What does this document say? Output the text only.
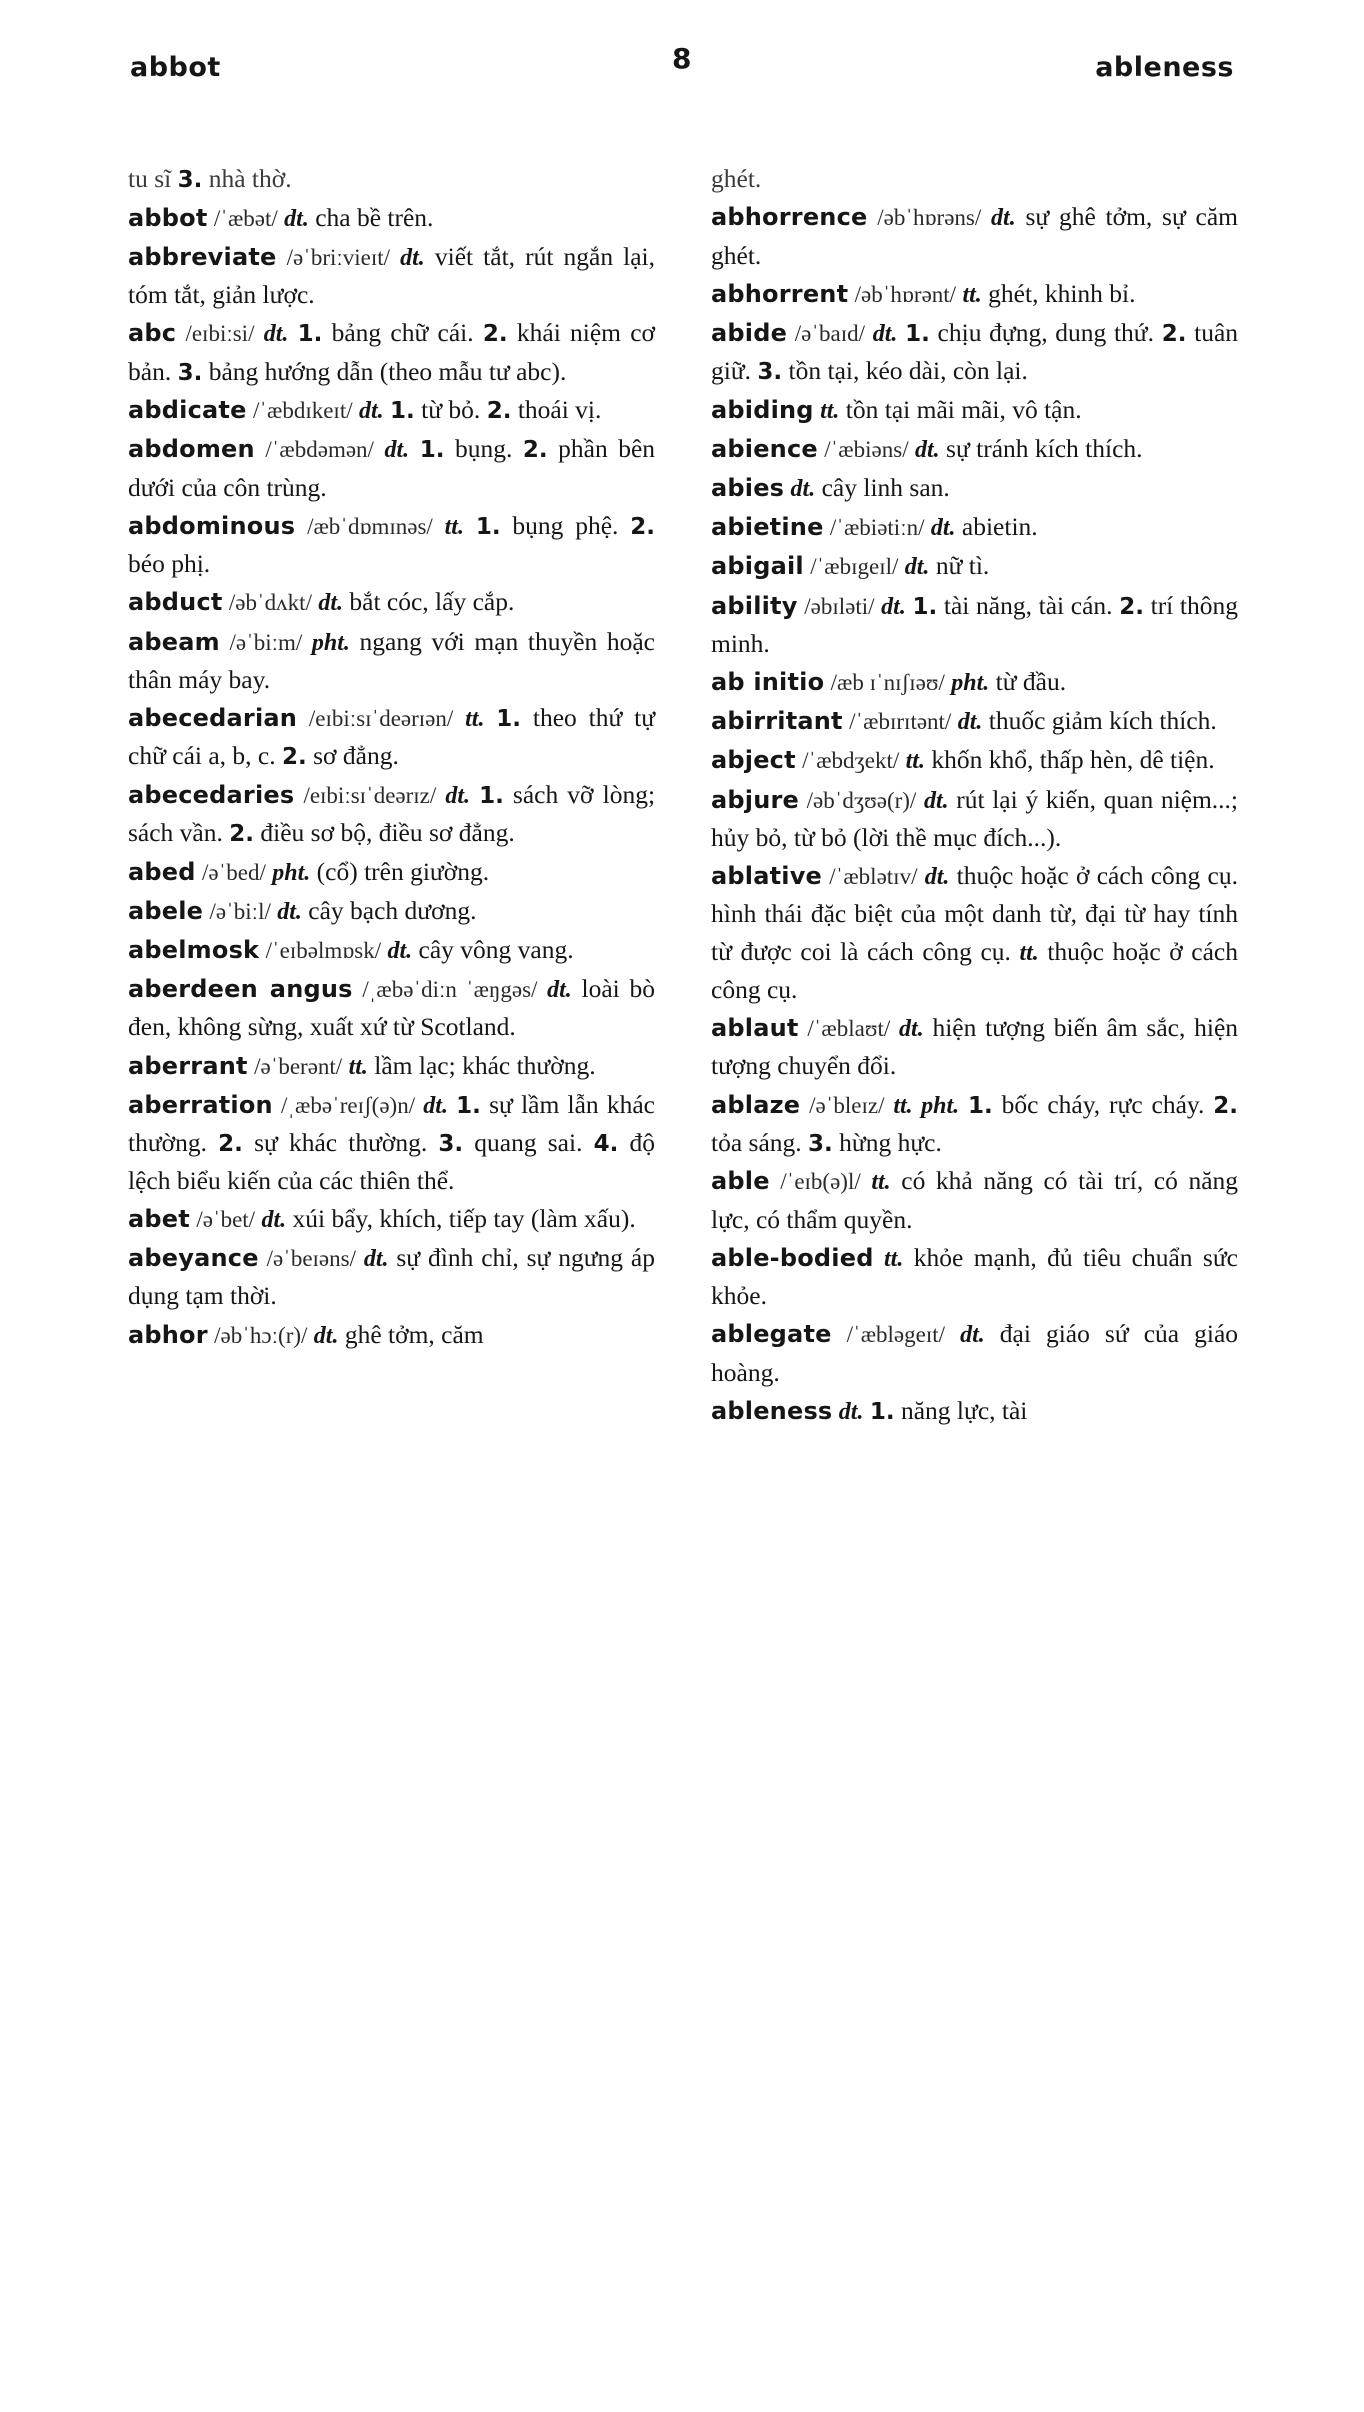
abbot	8	ableness

tu sĩ 3. nhà thờ.

abbot /ˈæbət/ dt. cha bề trên.

abbreviate /əˈbriːvieɪt/ dt. viết tắt, rút ngắn lại, tóm tắt, giản lược.

abc /eɪbiːsi/ dt. 1. bảng chữ cái. 2. khái niệm cơ bản. 3. bảng hướng dẫn (theo mẫu tư abc).

abdicate /ˈæbdɪkeɪt/ dt. 1. từ bỏ. 2. thoái vị.

abdomen /ˈæbdəmən/ dt. 1. bụng. 2. phần bên dưới của côn trùng.

abdominous /æbˈdɒmɪnəs/ tt. 1. bụng phệ. 2. béo phị.

abduct /əbˈdʌkt/ dt. bắt cóc, lấy cắp.

abeam /əˈbiːm/ pht. ngang với mạn thuyền hoặc thân máy bay.

abecedarian /eɪbiːsɪˈdeərɪən/ tt. 1. theo thứ tự chữ cái a, b, c. 2. sơ đẳng.

abecedaries /eɪbiːsɪˈdeərɪz/ dt. 1. sách vỡ lòng; sách vần. 2. điều sơ bộ, điều sơ đẳng.

abed /əˈbed/ pht. (cổ) trên giường.

abele /əˈbiːl/ dt. cây bạch dương.

abelmosk /ˈeɪbəlmɒsk/ dt. cây vông vang.

aberdeen angus /ˌæbəˈdiːn ˈæŋgəs/ dt. loài bò đen, không sừng, xuất xứ từ Scotland.

aberrant /əˈberənt/ tt. lầm lạc; khác thường.

aberration /ˌæbəˈreɪʃ(ə)n/ dt. 1. sự lầm lẫn khác thường. 2. sự khác thường. 3. quang sai. 4. độ lệch biểu kiến của các thiên thể.

abet /əˈbet/ dt. xúi bẩy, khích, tiếp tay (làm xấu).

abeyance /əˈbeɪəns/ dt. sự đình chỉ, sự ngưng áp dụng tạm thời.

abhor /əbˈhɔː(r)/ dt. ghê tởm, căm

ghét.

abhorrence /əbˈhɒrəns/ dt. sự ghê tởm, sự căm ghét.

abhorrent /əbˈhɒrənt/ tt. ghét, khinh bỉ.

abide /əˈbaɪd/ dt. 1. chịu đựng, dung thứ. 2. tuân giữ. 3. tồn tại, kéo dài, còn lại.

abiding tt. tồn tại mãi mãi, vô tận.

abience /ˈæbiəns/ dt. sự tránh kích thích.

abies dt. cây linh san.

abietine /ˈæbiətiːn/ dt. abietin.

abigail /ˈæbɪgeɪl/ dt. nữ tì.

ability /əbɪləti/ dt. 1. tài năng, tài cán. 2. trí thông minh.

ab initio /æb ɪˈnɪʃɪəʊ/ pht. từ đầu.

abirritant /ˈæbɪrɪtənt/ dt. thuốc giảm kích thích.

abject /ˈæbdʒekt/ tt. khốn khổ, thấp hèn, dê tiện.

abjure /əbˈdʒʊə(r)/ dt. rút lại ý kiến, quan niệm...; hủy bỏ, từ bỏ (lời thề mục đích...).

ablative /ˈæblətɪv/ dt. thuộc hoặc ở cách công cụ. hình thái đặc biệt của một danh từ, đại từ hay tính từ được coi là cách công cụ. tt. thuộc hoặc ở cách công cụ.

ablaut /ˈæblaʊt/ dt. hiện tượng biến âm sắc, hiện tượng chuyển đổi.

ablaze /əˈbleɪz/ tt. pht. 1. bốc cháy, rực cháy. 2. tỏa sáng. 3. hừng hực.

able /ˈeɪb(ə)l/ tt. có khả năng có tài trí, có năng lực, có thẩm quyền.

able-bodied tt. khỏe mạnh, đủ tiêu chuẩn sức khỏe.

ablegate /ˈæbləgeɪt/ dt. đại giáo sứ của giáo hoàng.

ableness dt. 1. năng lực, tài
